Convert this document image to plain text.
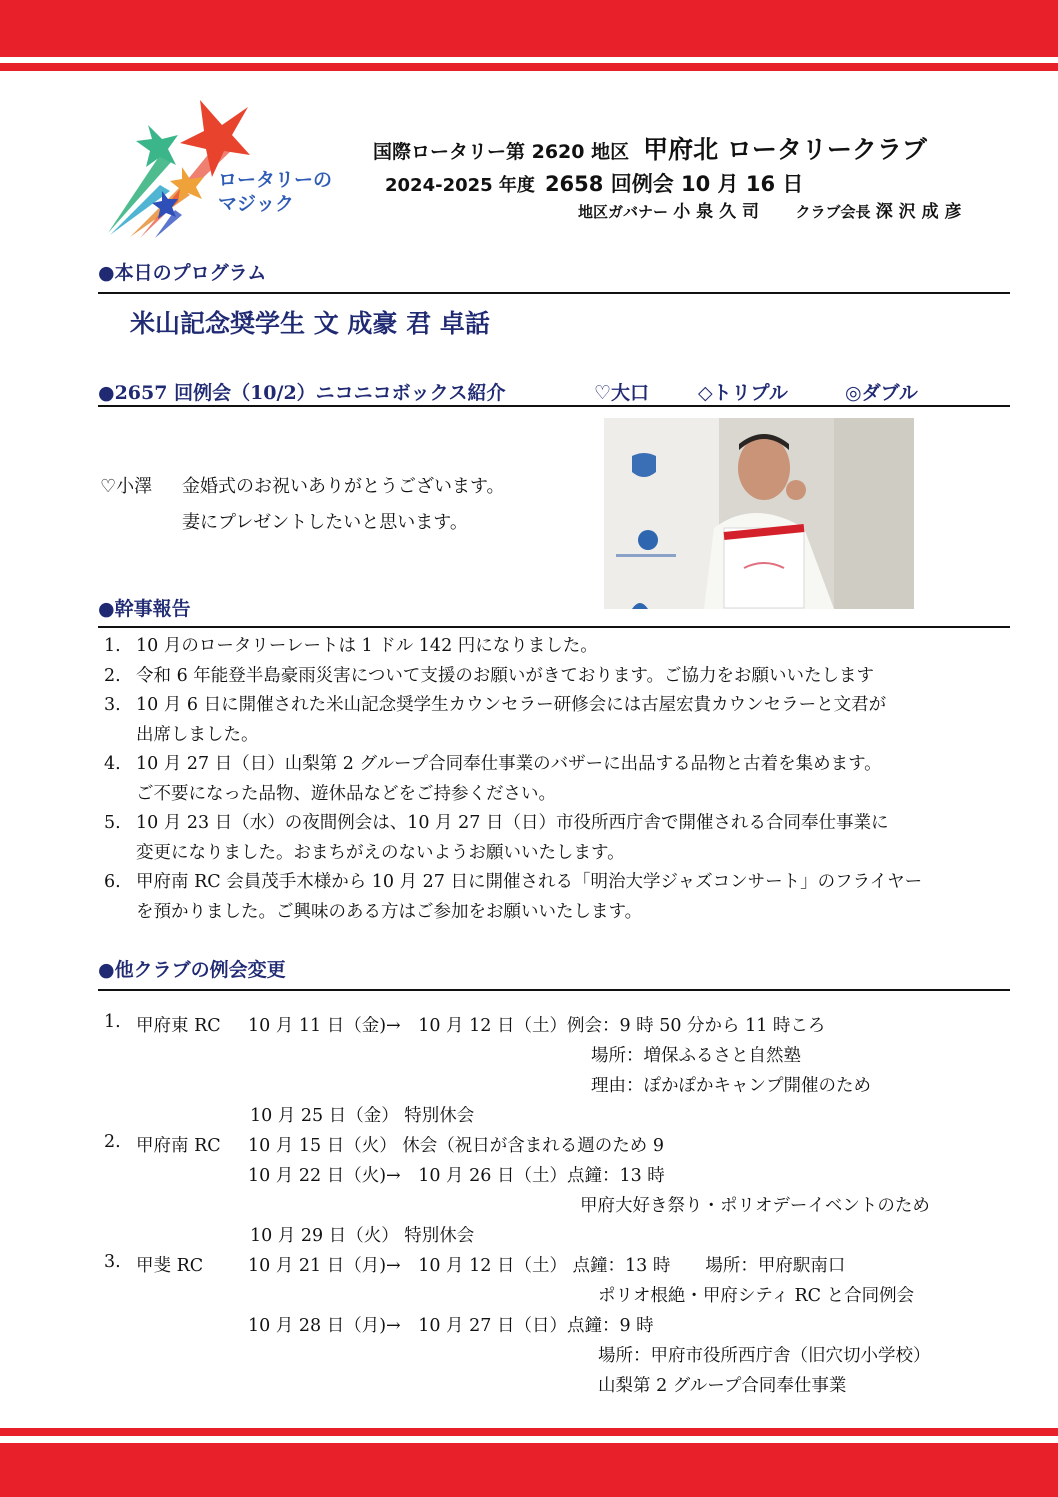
ロータリーの
マジック
国際ロータリー第 2620 地区 甲府北 ロータリークラブ
2024-2025 年度 2658 回例会 10 月 16 日
地区ガバナー 小 泉 久 司 クラブ会長 深 沢 成 彦
●本日のプログラム
米山記念奨学生 文 成豪 君 卓話
●2657 回例会（10/2）ニコニコボックス紹介	♡大口	◇トリプル	◎ダブル
♡小澤 金婚式のお祝いありがとうございます。
妻にプレゼントしたいと思います。
●幹事報告
1. 10 月のロータリーレートは 1 ドル 142 円になりました。
2. 令和 6 年能登半島豪雨災害について支援のお願いがきております。ご協力をお願いいたします
3. 10 月 6 日に開催された米山記念奨学生カウンセラー研修会には古屋宏貴カウンセラーと文君が
出席しました。
4. 10 月 27 日（日）山梨第 2 グループ合同奉仕事業のバザーに出品する品物と古着を集めます。
ご不要になった品物、遊休品などをご持参ください。
5. 10 月 23 日（水）の夜間例会は、10 月 27 日（日）市役所西庁舎で開催される合同奉仕事業に
変更になりました。おまちがえのないようお願いいたします。
6. 甲府南 RC 会員茂手木様から 10 月 27 日に開催される「明治大学ジャズコンサート」のフライヤー
を預かりました。ご興味のある方はご参加をお願いいたします。
●他クラブの例会変更
1. 甲府東 RC 10 月 11 日（金)→　10 月 12 日（土）例会：9 時 50 分から 11 時ころ
場所：増保ふるさと自然塾
理由：ぽかぽかキャンプ開催のため
10 月 25 日（金） 特別休会
2. 甲府南 RC 10 月 15 日（火） 休会（祝日が含まれる週のため 9
10 月 22 日（火)→　10 月 26 日（土）点鐘：13 時
甲府大好き祭り・ポリオデーイベントのため
10 月 29 日（火） 特別休会
3. 甲斐 RC	10 月 21 日（月)→　10 月 12 日（土） 点鐘：13 時　　場所：甲府駅南口
ポリオ根絶・甲府シティ RC と合同例会
10 月 28 日（月)→　10 月 27 日（日）点鐘：9 時
場所：甲府市役所西庁舎（旧穴切小学校）
山梨第 2 グループ合同奉仕事業
